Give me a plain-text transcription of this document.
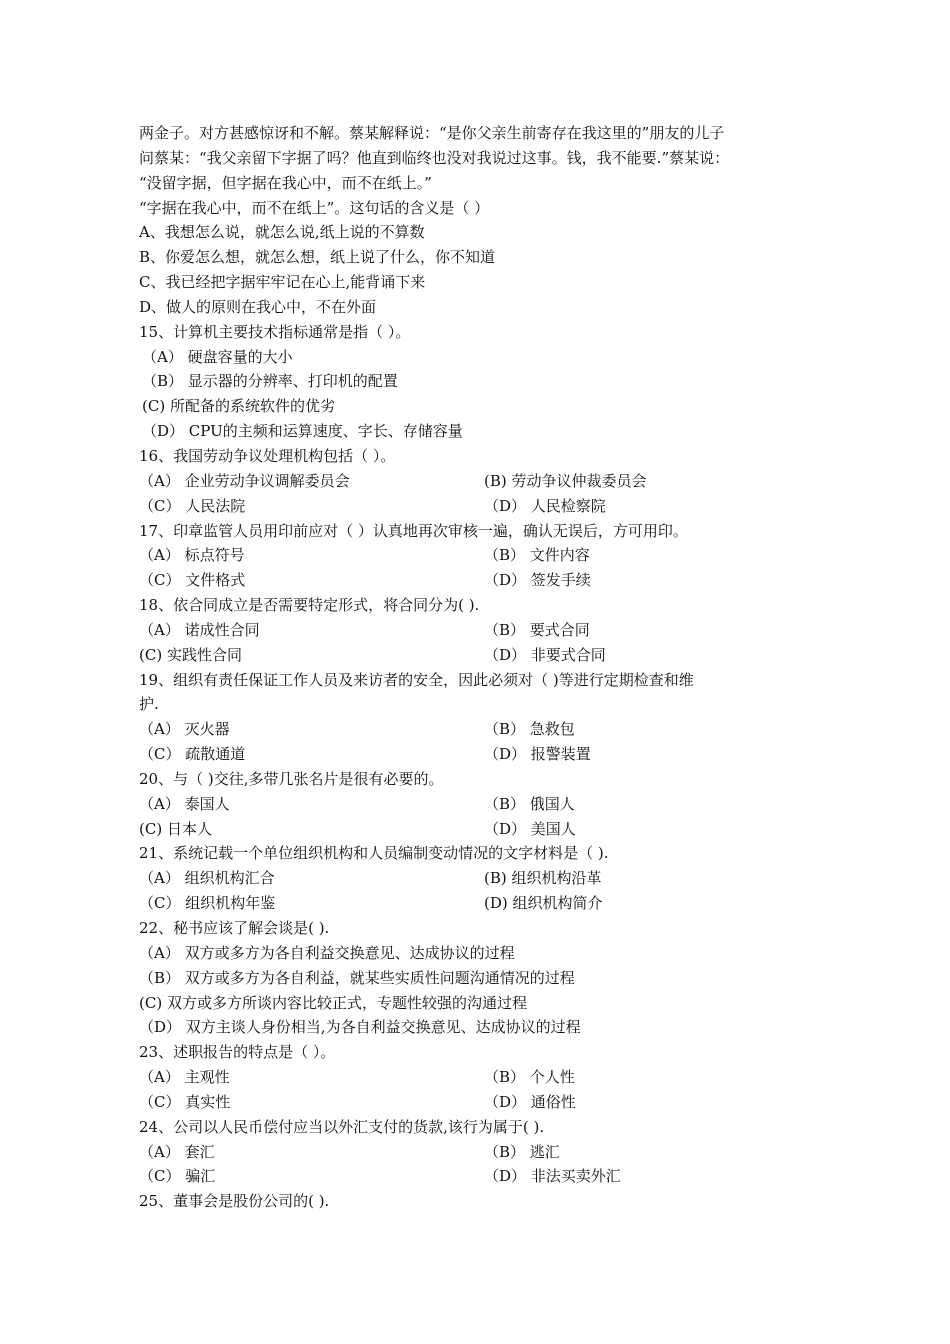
两金子。对方甚感惊讶和不解。蔡某解释说：“是你父亲生前寄存在我这里的”朋友的儿子
问蔡某：“我父亲留下字据了吗？他直到临终也没对我说过这事。钱，我不能要.”蔡某说：
“没留字据，但字据在我心中，而不在纸上。”
“字据在我心中，而不在纸上”。这句话的含义是（ ）
A、我想怎么说，就怎么说,纸上说的不算数
B、你爱怎么想，就怎么想，纸上说了什么，你不知道
C、我已经把字据牢牢记在心上,能背诵下来
D、做人的原则在我心中，不在外面
15、计算机主要技术指标通常是指（ ）。
（A） 硬盘容量的大小
（B） 显示器的分辨率、打印机的配置
(C) 所配备的系统软件的优劣
（D） CPU的主频和运算速度、字长、存储容量
16、我国劳动争议处理机构包括（ ）。
（A） 企业劳动争议调解委员会	(B) 劳动争议仲裁委员会
（C） 人民法院	（D） 人民检察院
17、印章监管人员用印前应对（ ）认真地再次审核一遍，确认无误后，方可用印。
（A） 标点符号	（B） 文件内容
（C） 文件格式	（D） 签发手续
18、依合同成立是否需要特定形式，将合同分为( ).
（A） 诺成性合同	（B） 要式合同
(C) 实践性合同	（D） 非要式合同
19、组织有责任保证工作人员及来访者的安全，因此必须对（ )等进行定期检查和维
护.
（A） 灭火器	（B） 急救包
（C） 疏散通道	（D） 报警装置
20、与（ )交往,多带几张名片是很有必要的。
（A） 泰国人	（B） 俄国人
(C) 日本人	（D） 美国人
21、系统记载一个单位组织机构和人员编制变动情况的文字材料是（ ).
（A） 组织机构汇合	(B) 组织机构沿革
（C） 组织机构年鉴	(D) 组织机构简介
22、秘书应该了解会谈是( ).
（A） 双方或多方为各自利益交换意见、达成协议的过程
（B） 双方或多方为各自利益，就某些实质性问题沟通情况的过程
(C) 双方或多方所谈内容比较正式，专题性较强的沟通过程
（D） 双方主谈人身份相当,为各自利益交换意见、达成协议的过程
23、述职报告的特点是（ ）。
（A） 主观性	（B） 个人性
（C） 真实性	（D） 通俗性
24、公司以人民币偿付应当以外汇支付的货款,该行为属于( ).
（A） 套汇	（B） 逃汇
（C） 骗汇	（D） 非法买卖外汇
25、董事会是股份公司的( ).
